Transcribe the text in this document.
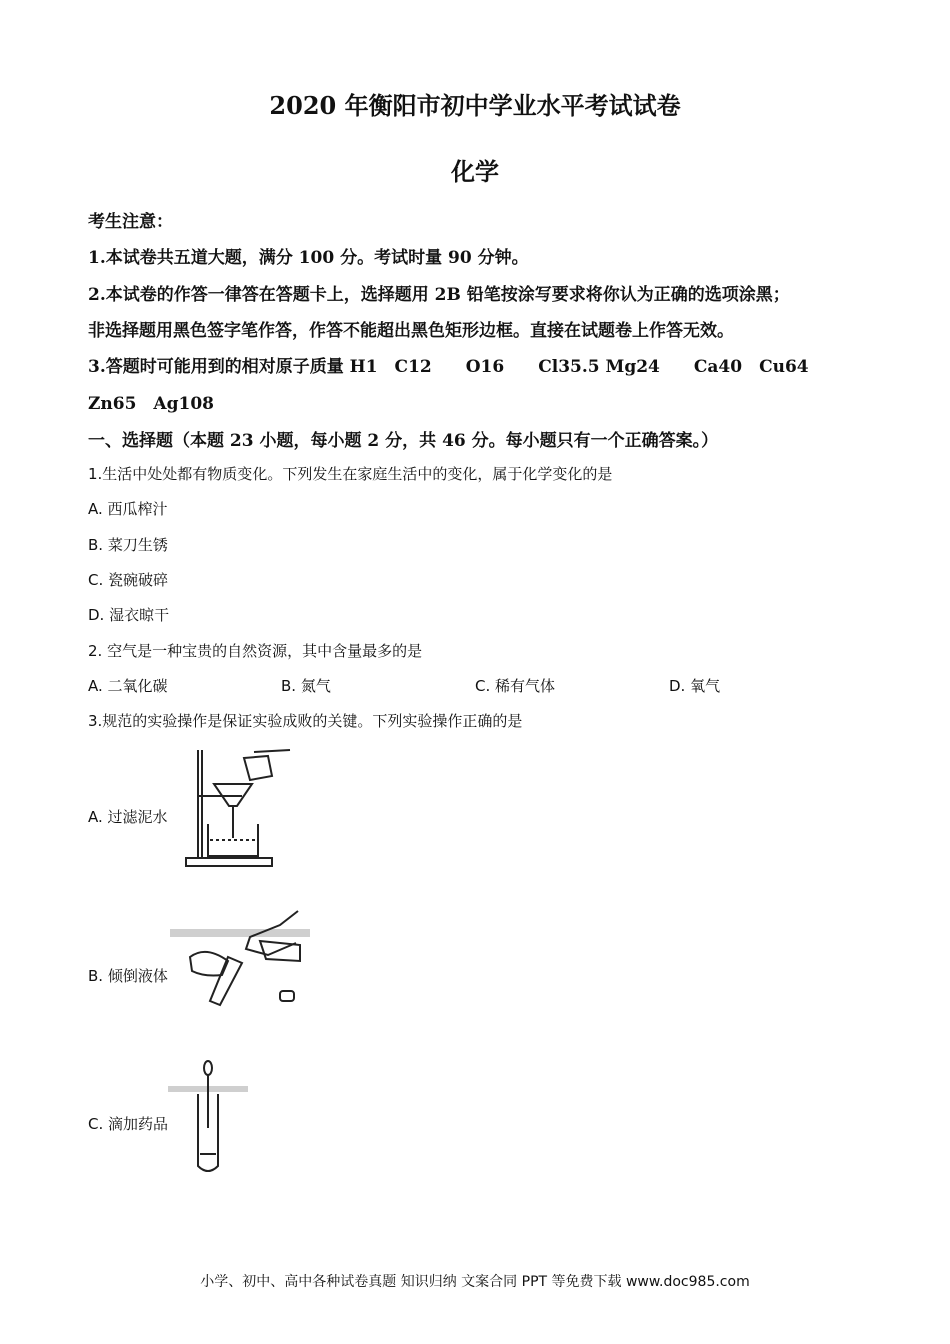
2020 年衡阳市初中学业水平考试试卷
化学
考生注意：
1.本试卷共五道大题，满分 100 分。考试时量 90 分钟。
2.本试卷的作答一律答在答题卡上，选择题用 2B 铅笔按涂写要求将你认为正确的选项涂黑；
非选择题用黑色签字笔作答，作答不能超出黑色矩形边框。直接在试题卷上作答无效。
3.答题时可能用到的相对原子质量 H1　C12　　O16　　Cl35.5 Mg24　　Ca40　Cu64
Zn65　Ag108
一、选择题（本题 23 小题，每小题 2 分，共 46 分。每小题只有一个正确答案。）
1.生活中处处都有物质变化。下列发生在家庭生活中的变化，属于化学变化的是
A. 西瓜榨汁
B. 菜刀生锈
C. 瓷碗破碎
D. 湿衣晾干
2. 空气是一种宝贵的自然资源，其中含量最多的是
A. 二氧化碳	B. 氮气	C. 稀有气体	D. 氧气
3.规范的实验操作是保证实验成败的关键。下列实验操作正确的是
A. 过滤泥水
B. 倾倒液体
C. 滴加药品
小学、初中、高中各种试卷真题 知识归纳 文案合同 PPT 等免费下载 www.doc985.com
